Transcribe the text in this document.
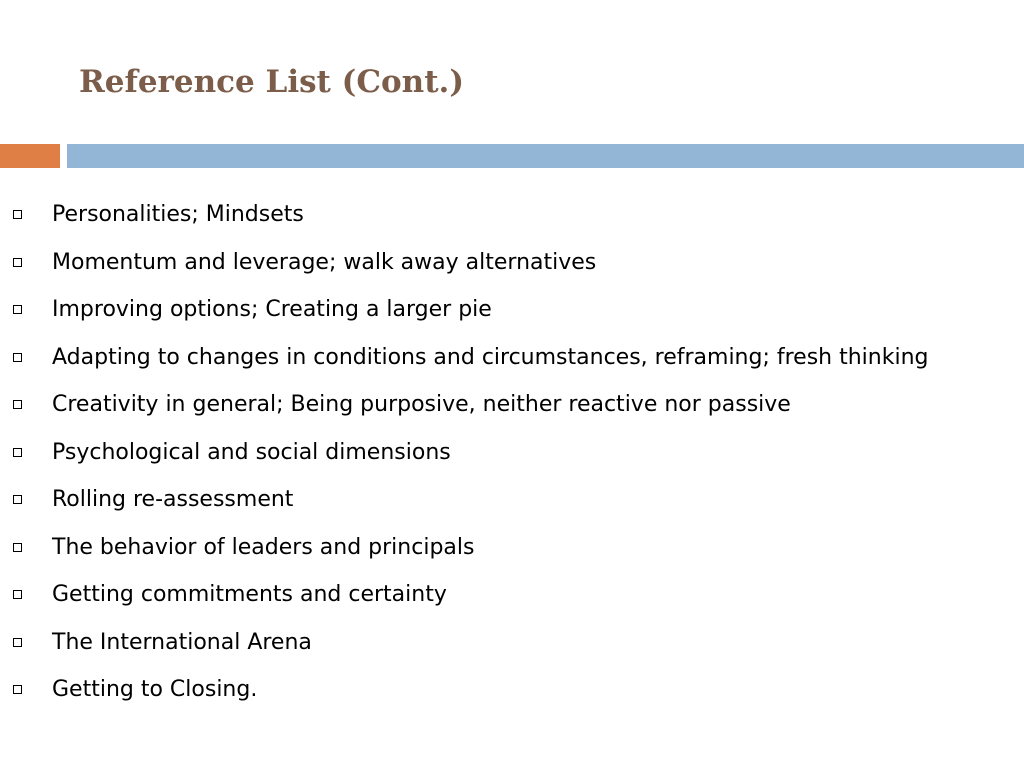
Reference List (Cont.)
Personalities; Mindsets
Momentum and leverage; walk away alternatives
Improving options; Creating a larger pie
Adapting to changes in conditions and circumstances, reframing; fresh thinking
Creativity in general; Being purposive, neither reactive nor passive
Psychological and social dimensions
Rolling re-assessment
The behavior of leaders and principals
Getting commitments and certainty
The International Arena
Getting to Closing.
